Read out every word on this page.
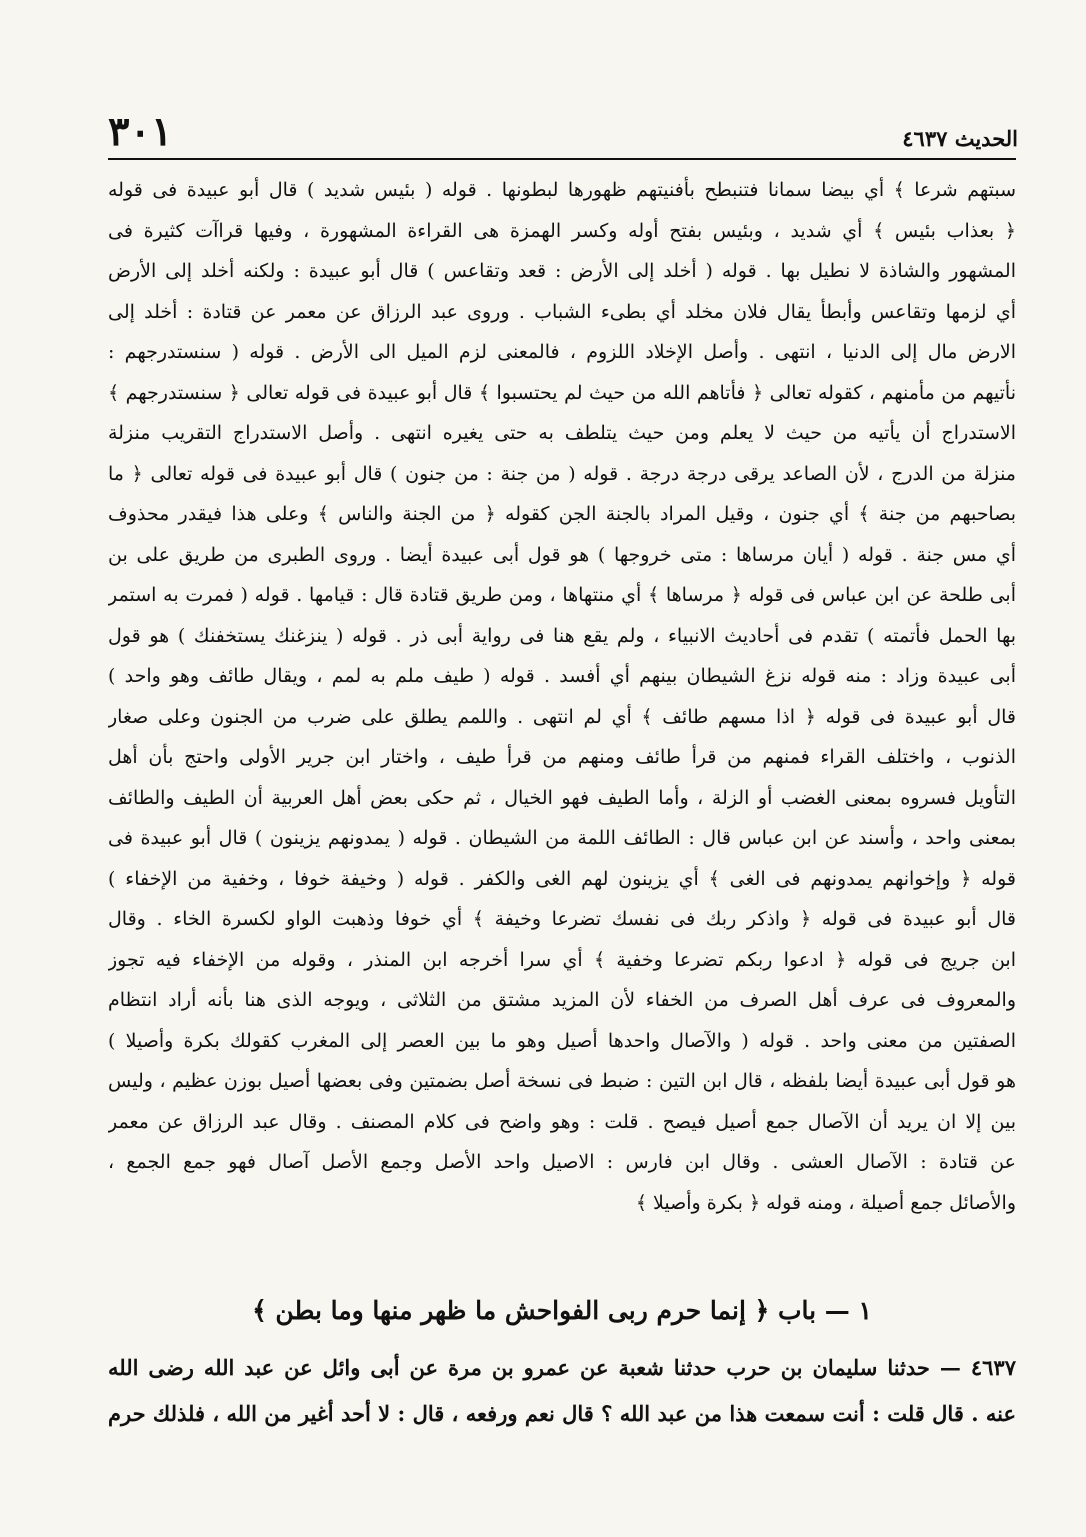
الحديث ٤٦٣٧
٣٠١
سبتهم شرعا ﴾ أي بيضا سمانا فتنبطح بأفنيتهم ظهورها لبطونها . قوله ( بئيس شديد ) قال أبو عبيدة فى قوله
﴿ بعذاب بئيس ﴾ أي شديد ، وبئيس بفتح أوله وكسر الهمزة هى القراءة المشهورة ، وفيها قراآت كثيرة فى
المشهور والشاذة لا نطيل بها . قوله ( أخلد إلى الأرض : قعد وتقاعس ) قال أبو عبيدة : ولكنه أخلد إلى الأرض
أي لزمها وتقاعس وأبطأ يقال فلان مخلد أي بطىء الشباب . وروى عبد الرزاق عن معمر عن قتادة : أخلد إلى
الارض مال إلى الدنيا ، انتهى . وأصل الإخلاد اللزوم ، فالمعنى لزم الميل الى الأرض . قوله ( سنستدرجهم :
نأتيهم من مأمنهم ، كقوله تعالى ﴿ فأتاهم الله من حيث لم يحتسبوا ﴾ قال أبو عبيدة فى قوله تعالى ﴿ سنستدرجهم ﴾
الاستدراج أن يأتيه من حيث لا يعلم ومن حيث يتلطف به حتى يغيره انتهى . وأصل الاستدراج التقريب منزلة
منزلة من الدرج ، لأن الصاعد يرقى درجة درجة . قوله ( من جنة : من جنون ) قال أبو عبيدة فى قوله تعالى ﴿ ما
بصاحبهم من جنة ﴾ أي جنون ، وقيل المراد بالجنة الجن كقوله ﴿ من الجنة والناس ﴾ وعلى هذا فيقدر محذوف
أي مس جنة . قوله ( أيان مرساها : متى خروجها ) هو قول أبى عبيدة أيضا . وروى الطبرى من طريق على بن
أبى طلحة عن ابن عباس فى قوله ﴿ مرساها ﴾ أي منتهاها ، ومن طريق قتادة قال : قيامها . قوله ( فمرت به استمر
بها الحمل فأتمته ) تقدم فى أحاديث الانبياء ، ولم يقع هنا فى رواية أبى ذر . قوله ( ينزغنك يستخفنك ) هو قول
أبى عبيدة وزاد : منه قوله نزغ الشيطان بينهم أي أفسد . قوله ( طيف ملم به لمم ، ويقال طائف وهو واحد )
قال أبو عبيدة فى قوله ﴿ اذا مسهم طائف ﴾ أي لم انتهى . واللمم يطلق على ضرب من الجنون وعلى صغار
الذنوب ، واختلف القراء فمنهم من قرأ طائف ومنهم من قرأ طيف ، واختار ابن جرير الأولى واحتج بأن أهل
التأويل فسروه بمعنى الغضب أو الزلة ، وأما الطيف فهو الخيال ، ثم حكى بعض أهل العربية أن الطيف والطائف
بمعنى واحد ، وأسند عن ابن عباس قال : الطائف اللمة من الشيطان . قوله ( يمدونهم يزينون ) قال أبو عبيدة فى
قوله ﴿ وإخوانهم يمدونهم فى الغى ﴾ أي يزينون لهم الغى والكفر . قوله ( وخيفة خوفا ، وخفية من الإخفاء )
قال أبو عبيدة فى قوله ﴿ واذكر ربك فى نفسك تضرعا وخيفة ﴾ أي خوفا وذهبت الواو لكسرة الخاء . وقال
ابن جريج فى قوله ﴿ ادعوا ربكم تضرعا وخفية ﴾ أي سرا أخرجه ابن المنذر ، وقوله من الإخفاء فيه تجوز
والمعروف فى عرف أهل الصرف من الخفاء لأن المزيد مشتق من الثلاثى ، ويوجه الذى هنا بأنه أراد انتظام
الصفتين من معنى واحد . قوله ( والآصال واحدها أصيل وهو ما بين العصر إلى المغرب كقولك بكرة وأصيلا )
هو قول أبى عبيدة أيضا بلفظه ، قال ابن التين : ضبط فى نسخة أصل بضمتين وفى بعضها أصيل بوزن عظيم ، وليس
بين إلا ان يريد أن الآصال جمع أصيل فيصح . قلت : وهو واضح فى كلام المصنف . وقال عبد الرزاق عن معمر
عن قتادة : الآصال العشى . وقال ابن فارس : الاصيل واحد الأصل وجمع الأصل آصال فهو جمع الجمع ،
والأصائل جمع أصيلة ، ومنه قوله ﴿ بكرة وأصيلا ﴾
١ — باب ﴿ إنما حرم ربى الفواحش ما ظهر منها وما بطن ﴾
٤٦٣٧ — حدثنا سليمان بن حرب حدثنا شعبة عن عمرو بن مرة عن أبى وائل عن عبد الله رضى الله
عنه . قال قلت : أنت سمعت هذا من عبد الله ؟ قال نعم ورفعه ، قال : لا أحد أغير من الله ، فلذلك حرم
